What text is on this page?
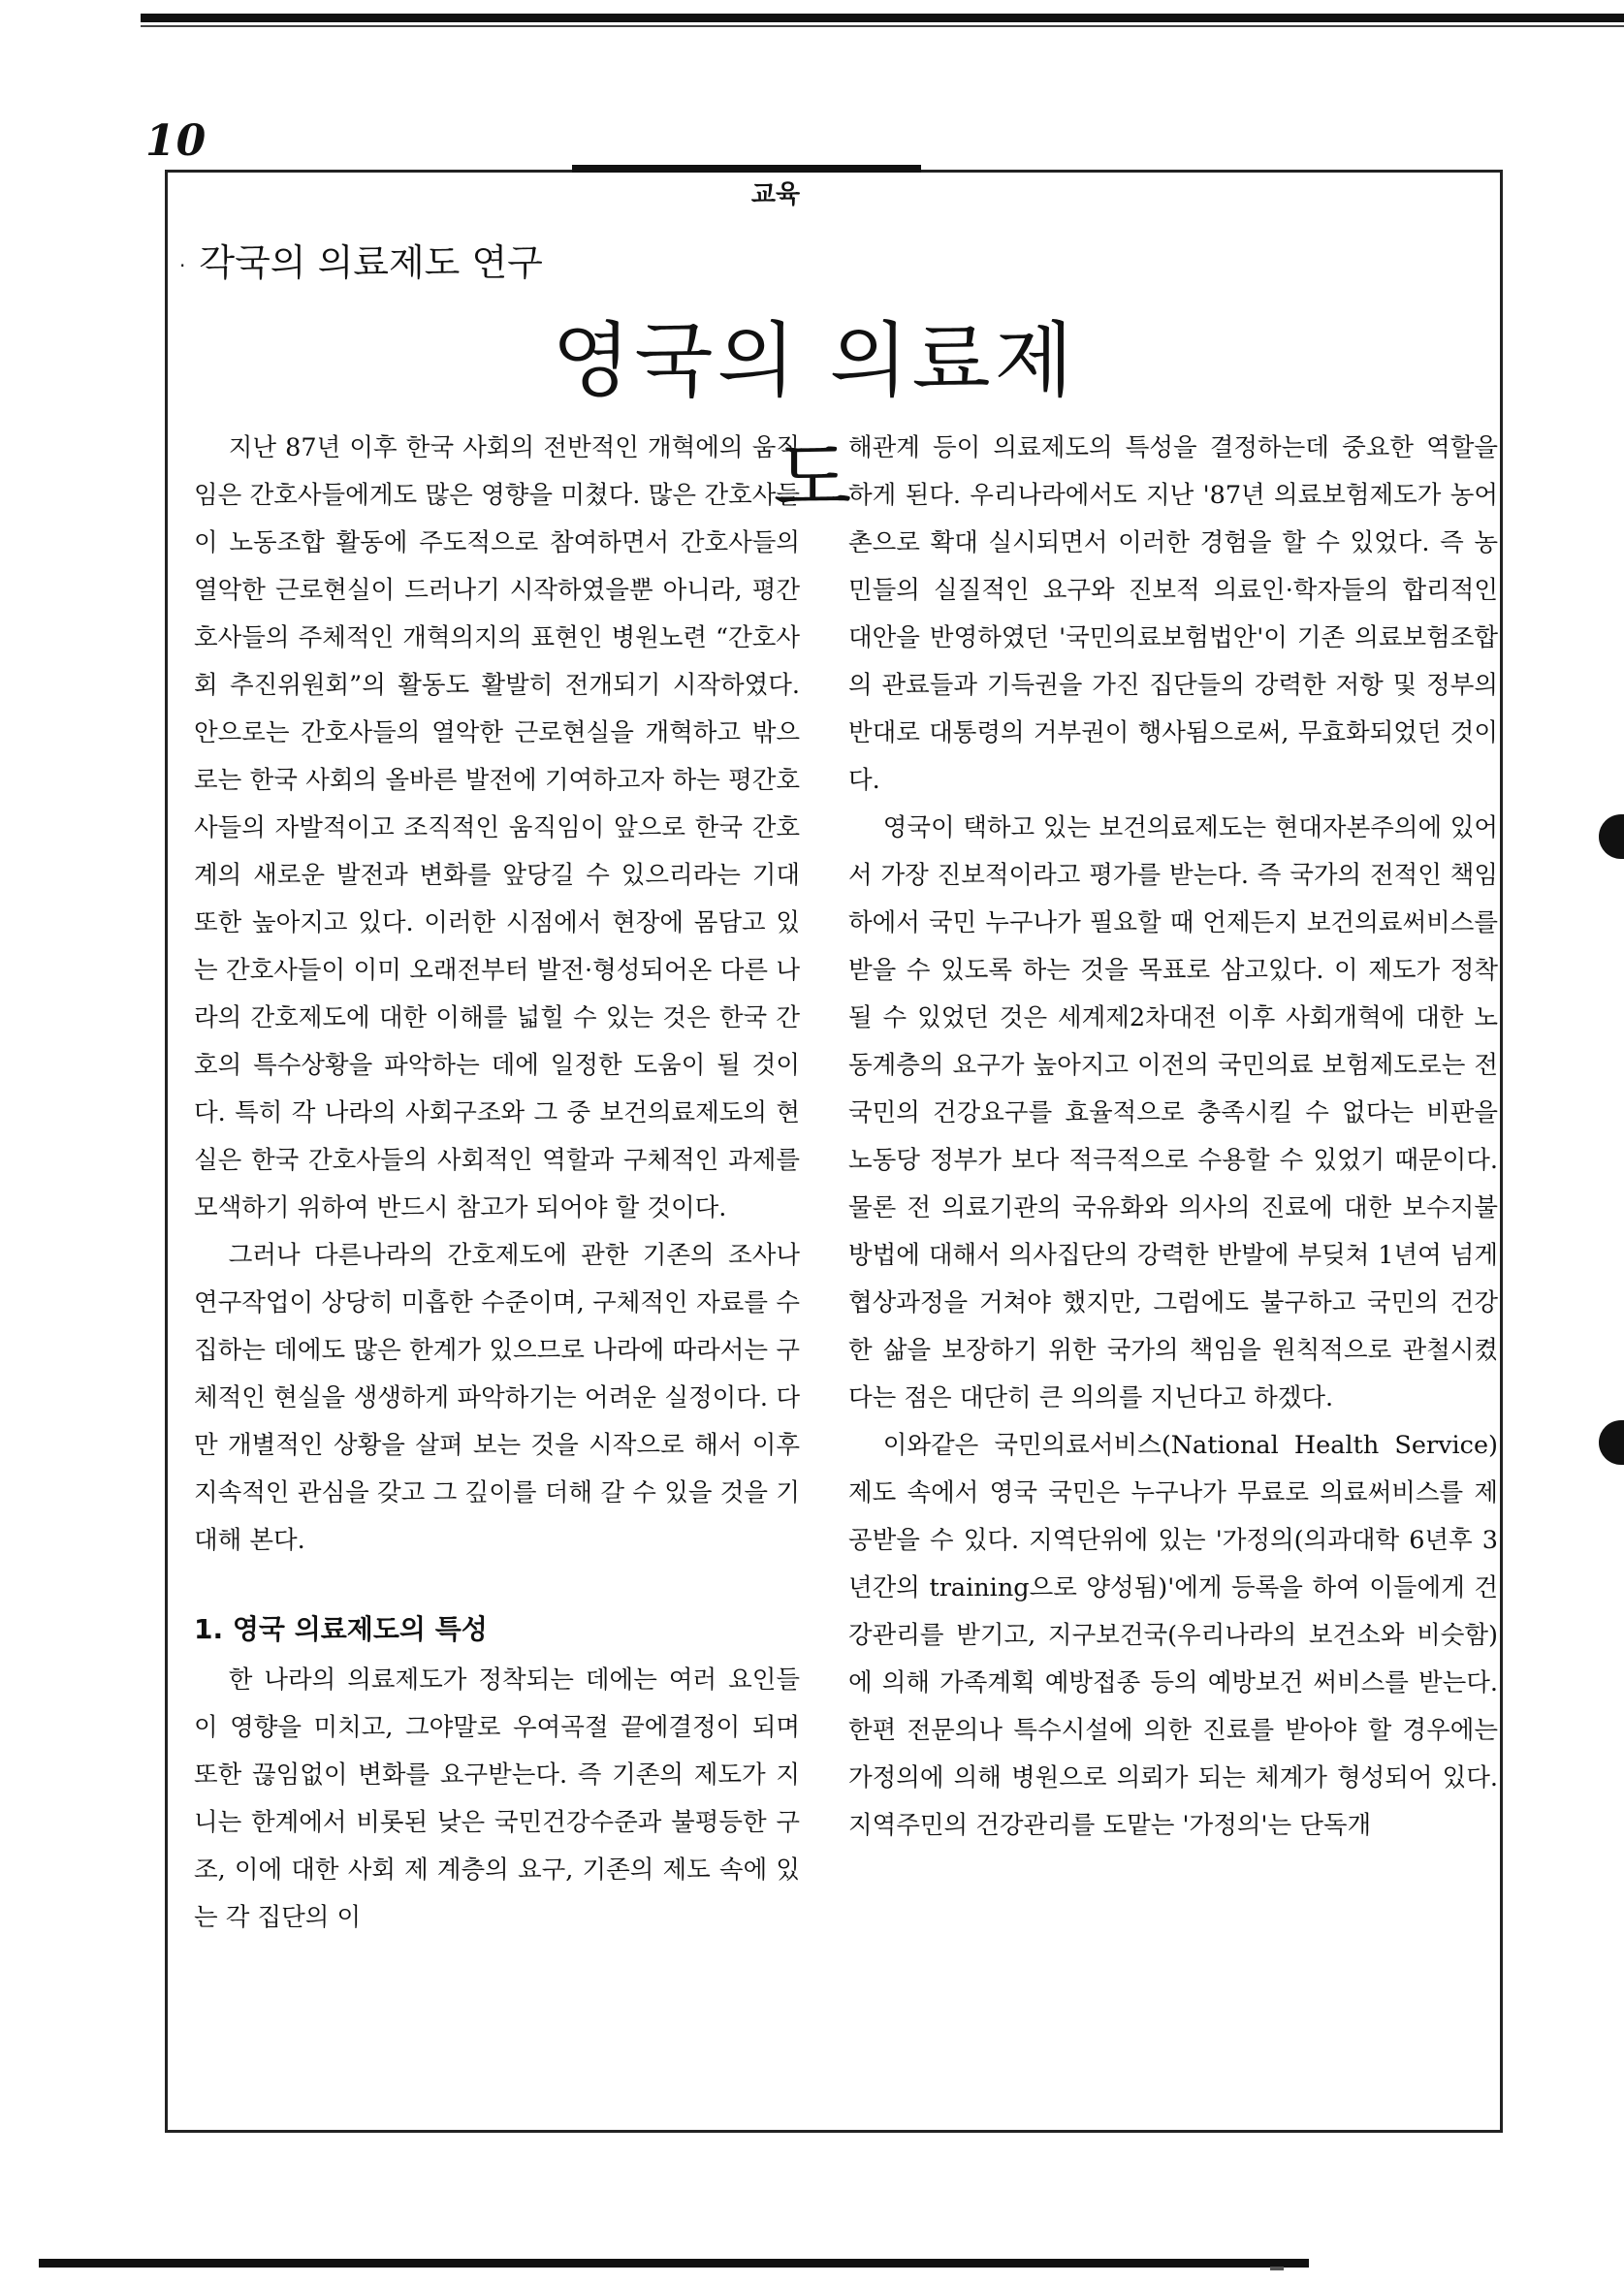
10
교육
· 각국의 의료제도 연구
영국의 의료제도

지난 87년 이후 한국 사회의 전반적인 개혁에의 움직임은 간호사들에게도 많은 영향을 미쳤다. 많은 간호사들이 노동조합 활동에 주도적으로 참여하면서 간호사들의 열악한 근로현실이 드러나기 시작하였을뿐 아니라, 평간호사들의 주체적인 개혁의지의 표현인 병원노련 “간호사회 추진위원회”의 활동도 활발히 전개되기 시작하였다. 안으로는 간호사들의 열악한 근로현실을 개혁하고 밖으로는 한국 사회의 올바른 발전에 기여하고자 하는 평간호사들의 자발적이고 조직적인 움직임이 앞으로 한국 간호계의 새로운 발전과 변화를 앞당길 수 있으리라는 기대 또한 높아지고 있다. 이러한 시점에서 현장에 몸담고 있는 간호사들이 이미 오래전부터 발전·형성되어온 다른 나라의 간호제도에 대한 이해를 넓힐 수 있는 것은 한국 간호의 특수상황을 파악하는 데에 일정한 도움이 될 것이다. 특히 각 나라의 사회구조와 그 중 보건의료제도의 현실은 한국 간호사들의 사회적인 역할과 구체적인 과제를 모색하기 위하여 반드시 참고가 되어야 할 것이다.

그러나 다른나라의 간호제도에 관한 기존의 조사나 연구작업이 상당히 미흡한 수준이며, 구체적인 자료를 수집하는 데에도 많은 한계가 있으므로 나라에 따라서는 구체적인 현실을 생생하게 파악하기는 어려운 실정이다. 다만 개별적인 상황을 살펴 보는 것을 시작으로 해서 이후 지속적인 관심을 갖고 그 깊이를 더해 갈 수 있을 것을 기대해 본다.

1. 영국 의료제도의 특성

한 나라의 의료제도가 정착되는 데에는 여러 요인들이 영향을 미치고, 그야말로 우여곡절 끝에결정이 되며 또한 끊임없이 변화를 요구받는다. 즉 기존의 제도가 지니는 한계에서 비롯된 낮은 국민건강수준과 불평등한 구조, 이에 대한 사회 제 계층의 요구, 기존의 제도 속에 있는 각 집단의 이

해관계 등이 의료제도의 특성을 결정하는데 중요한 역할을 하게 된다. 우리나라에서도 지난 '87년 의료보험제도가 농어촌으로 확대 실시되면서 이러한 경험을 할 수 있었다. 즉 농민들의 실질적인 요구와 진보적 의료인·학자들의 합리적인 대안을 반영하였던 '국민의료보험법안'이 기존 의료보험조합의 관료들과 기득권을 가진 집단들의 강력한 저항 및 정부의 반대로 대통령의 거부권이 행사됨으로써, 무효화되었던 것이다.

영국이 택하고 있는 보건의료제도는 현대자본주의에 있어서 가장 진보적이라고 평가를 받는다. 즉 국가의 전적인 책임하에서 국민 누구나가 필요할 때 언제든지 보건의료써비스를 받을 수 있도록 하는 것을 목표로 삼고있다. 이 제도가 정착될 수 있었던 것은 세계제2차대전 이후 사회개혁에 대한 노동계층의 요구가 높아지고 이전의 국민의료 보험제도로는 전 국민의 건강요구를 효율적으로 충족시킬 수 없다는 비판을 노동당 정부가 보다 적극적으로 수용할 수 있었기 때문이다. 물론 전 의료기관의 국유화와 의사의 진료에 대한 보수지불방법에 대해서 의사집단의 강력한 반발에 부딪쳐 1년여 넘게 협상과정을 거쳐야 했지만, 그럼에도 불구하고 국민의 건강한 삶을 보장하기 위한 국가의 책임을 원칙적으로 관철시켰다는 점은 대단히 큰 의의를 지닌다고 하겠다.

이와같은 국민의료서비스(National Health Service)제도 속에서 영국 국민은 누구나가 무료로 의료써비스를 제공받을 수 있다. 지역단위에 있는 '가정의(의과대학 6년후 3년간의 training으로 양성됨)'에게 등록을 하여 이들에게 건강관리를 받기고, 지구보건국(우리나라의 보건소와 비슷함)에 의해 가족계획 예방접종 등의 예방보건 써비스를 받는다. 한편 전문의나 특수시설에 의한 진료를 받아야 할 경우에는 가정의에 의해 병원으로 의뢰가 되는 체계가 형성되어 있다. 지역주민의 건강관리를 도맡는 '가정의'는 단독개
